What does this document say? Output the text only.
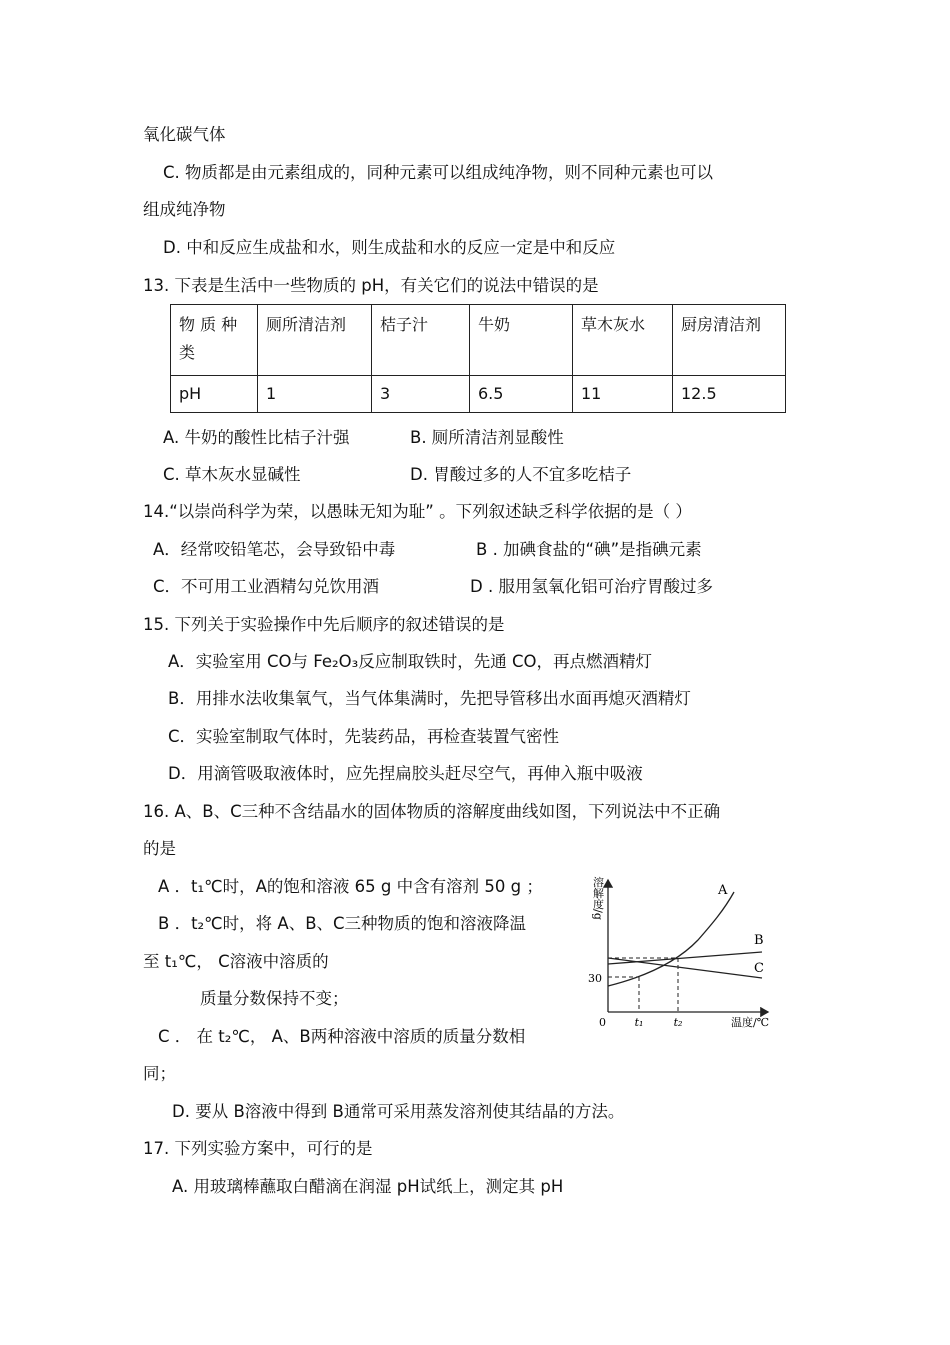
氧化碳气体
C. 物质都是由元素组成的，同种元素可以组成纯净物，则不同种元素也可以
组成纯净物
D. 中和反应生成盐和水，则生成盐和水的反应一定是中和反应
13. 下表是生活中一些物质的 pH，有关它们的说法中错误的是
物 质 种 类	厕所清洁剂	桔子汁	牛奶	草木灰水	厨房清洁剂
pH	1	3	6.5	11	12.5
A. 牛奶的酸性比桔子汁强	B. 厕所清洁剂显酸性
C. 草木灰水显碱性	D. 胃酸过多的人不宜多吃桔子
14.“以崇尚科学为荣，以愚昧无知为耻” 。下列叙述缺乏科学依据的是（ ）
A．经常咬铅笔芯，会导致铅中毒	B . 加碘食盐的“碘”是指碘元素
C．不可用工业酒精勾兑饮用酒	D . 服用氢氧化铝可治疗胃酸过多
15. 下列关于实验操作中先后顺序的叙述错误的是
A．实验室用 CO与 Fe₂O₃反应制取铁时，先通 CO，再点燃酒精灯
B．用排水法收集氧气，当气体集满时，先把导管移出水面再熄灭酒精灯
C．实验室制取气体时，先装药品，再检查装置气密性
D．用滴管吸取液体时，应先捏扁胶头赶尽空气，再伸入瓶中吸液
16. A、B、C三种不含结晶水的固体物质的溶解度曲线如图，下列说法中不正确
的是
A ．t₁℃时，A的饱和溶液 65 g 中含有溶剂 50 g ；
B ．t₂℃时，将 A、B、C三种物质的饱和溶液降温
至 t₁℃， C溶液中溶质的
质量分数保持不变；
C ． 在 t₂℃， A、B两种溶液中溶质的质量分数相
同；
D. 要从 B溶液中得到 B通常可采用蒸发溶剂使其结晶的方法。
17. 下列实验方案中，可行的是
A. 用玻璃棒蘸取白醋滴在润湿 pH试纸上，测定其 pH
溶解度/g
0
30
t₁	t₂	温度/℃
A
B
C
